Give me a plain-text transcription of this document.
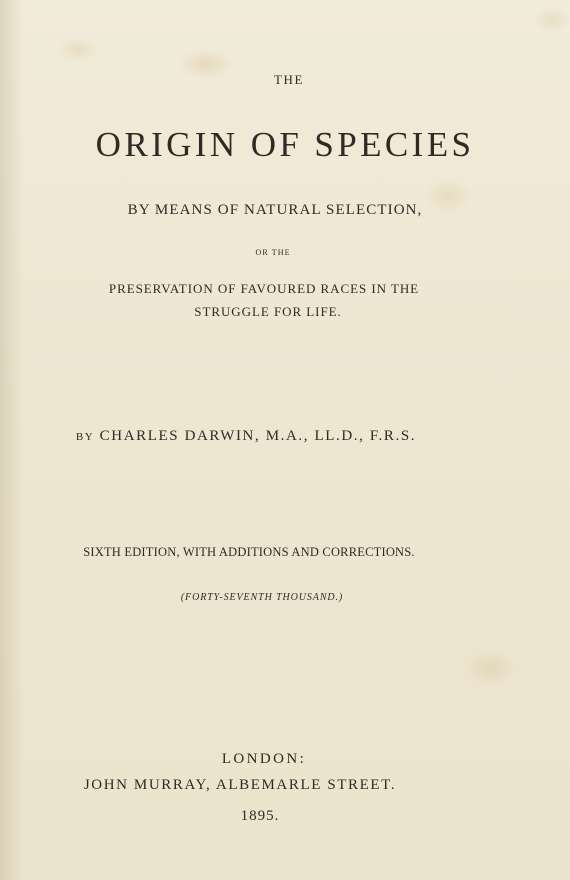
THE
ORIGIN OF SPECIES
BY MEANS OF NATURAL SELECTION,
OR THE
PRESERVATION OF FAVOURED RACES IN THE
STRUGGLE FOR LIFE.
BY CHARLES DARWIN, M.A., LL.D., F.R.S.
SIXTH EDITION, WITH ADDITIONS AND CORRECTIONS.
(FORTY-SEVENTH THOUSAND.)
LONDON:
JOHN MURRAY, ALBEMARLE STREET.
1895.
